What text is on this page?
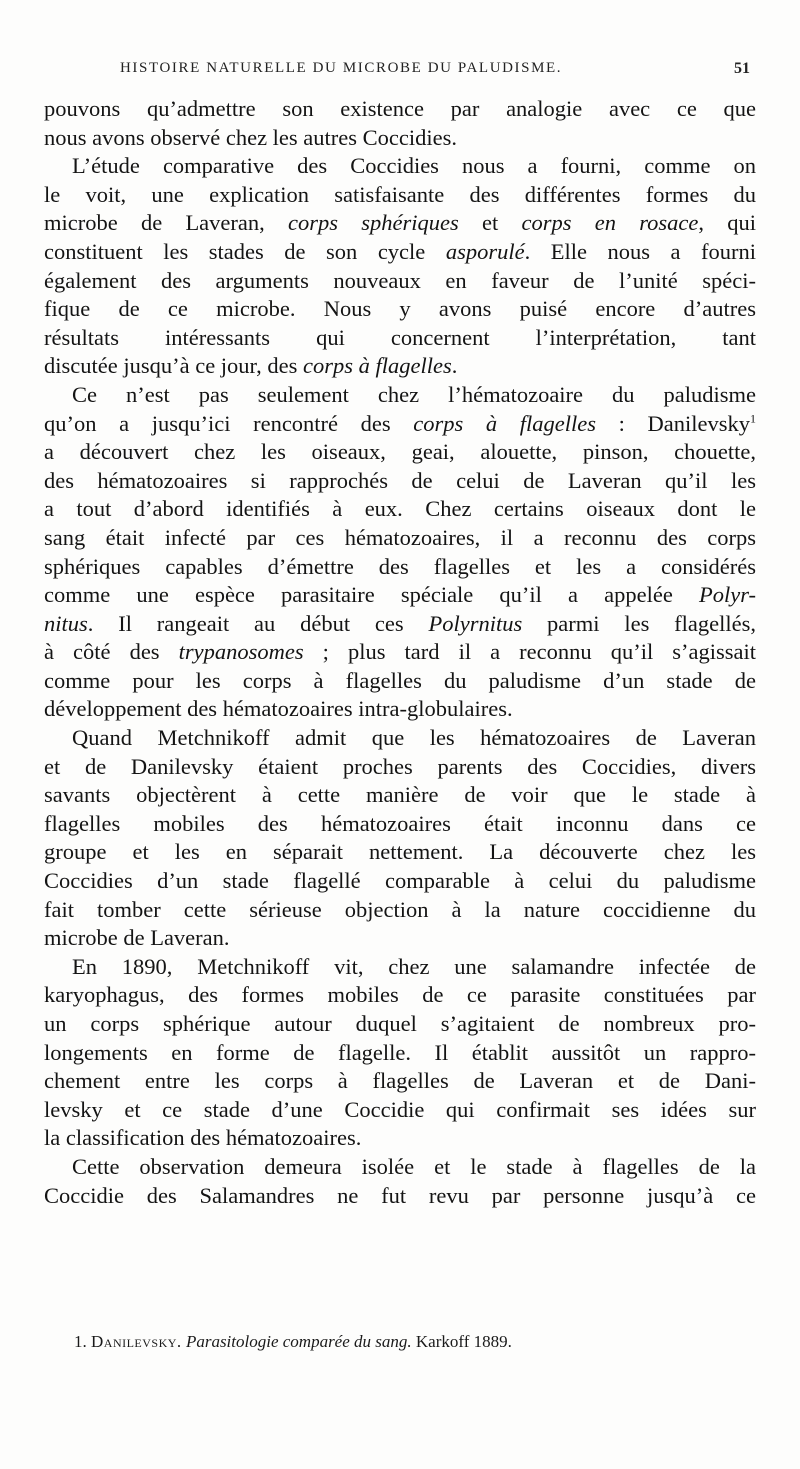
HISTOIRE NATURELLE DU MICROBE DU PALUDISME.	51
pouvons qu’admettre son existence par analogie avec ce que
nous avons observé chez les autres Coccidies.
L’étude comparative des Coccidies nous a fourni, comme on
le voit, une explication satisfaisante des différentes formes du
microbe de Laveran, corps sphériques et corps en rosace, qui
constituent les stades de son cycle asporulé. Elle nous a fourni
également des arguments nouveaux en faveur de l’unité spéci-
fique de ce microbe. Nous y avons puisé encore d’autres
résultats intéressants qui concernent l’interprétation, tant
discutée jusqu’à ce jour, des corps à flagelles.
Ce n’est pas seulement chez l’hématozoaire du paludisme
qu’on a jusqu’ici rencontré des corps à flagelles : Danilevsky$^1$
a découvert chez les oiseaux, geai, alouette, pinson, chouette,
des hématozoaires si rapprochés de celui de Laveran qu’il les
a tout d’abord identifiés à eux. Chez certains oiseaux dont le
sang était infecté par ces hématozoaires, il a reconnu des corps
sphériques capables d’émettre des flagelles et les a considérés
comme une espèce parasitaire spéciale qu’il a appelée Polyr-
nitus. Il rangeait au début ces Polyrnitus parmi les flagellés,
à côté des trypanosomes ; plus tard il a reconnu qu’il s’agissait
comme pour les corps à flagelles du paludisme d’un stade de
développement des hématozoaires intra-globulaires.
Quand Metchnikoff admit que les hématozoaires de Laveran
et de Danilevsky étaient proches parents des Coccidies, divers
savants objectèrent à cette manière de voir que le stade à
flagelles mobiles des hématozoaires était inconnu dans ce
groupe et les en séparait nettement. La découverte chez les
Coccidies d’un stade flagellé comparable à celui du paludisme
fait tomber cette sérieuse objection à la nature coccidienne du
microbe de Laveran.
En 1890, Metchnikoff vit, chez une salamandre infectée de
karyophagus, des formes mobiles de ce parasite constituées par
un corps sphérique autour duquel s’agitaient de nombreux pro-
longements en forme de flagelle. Il établit aussitôt un rappro-
chement entre les corps à flagelles de Laveran et de Dani-
levsky et ce stade d’une Coccidie qui confirmait ses idées sur
la classification des hématozoaires.
Cette observation demeura isolée et le stade à flagelles de la
Coccidie des Salamandres ne fut revu par personne jusqu’à ce
1. Danilevsky. Parasitologie comparée du sang. Karkoff 1889.
